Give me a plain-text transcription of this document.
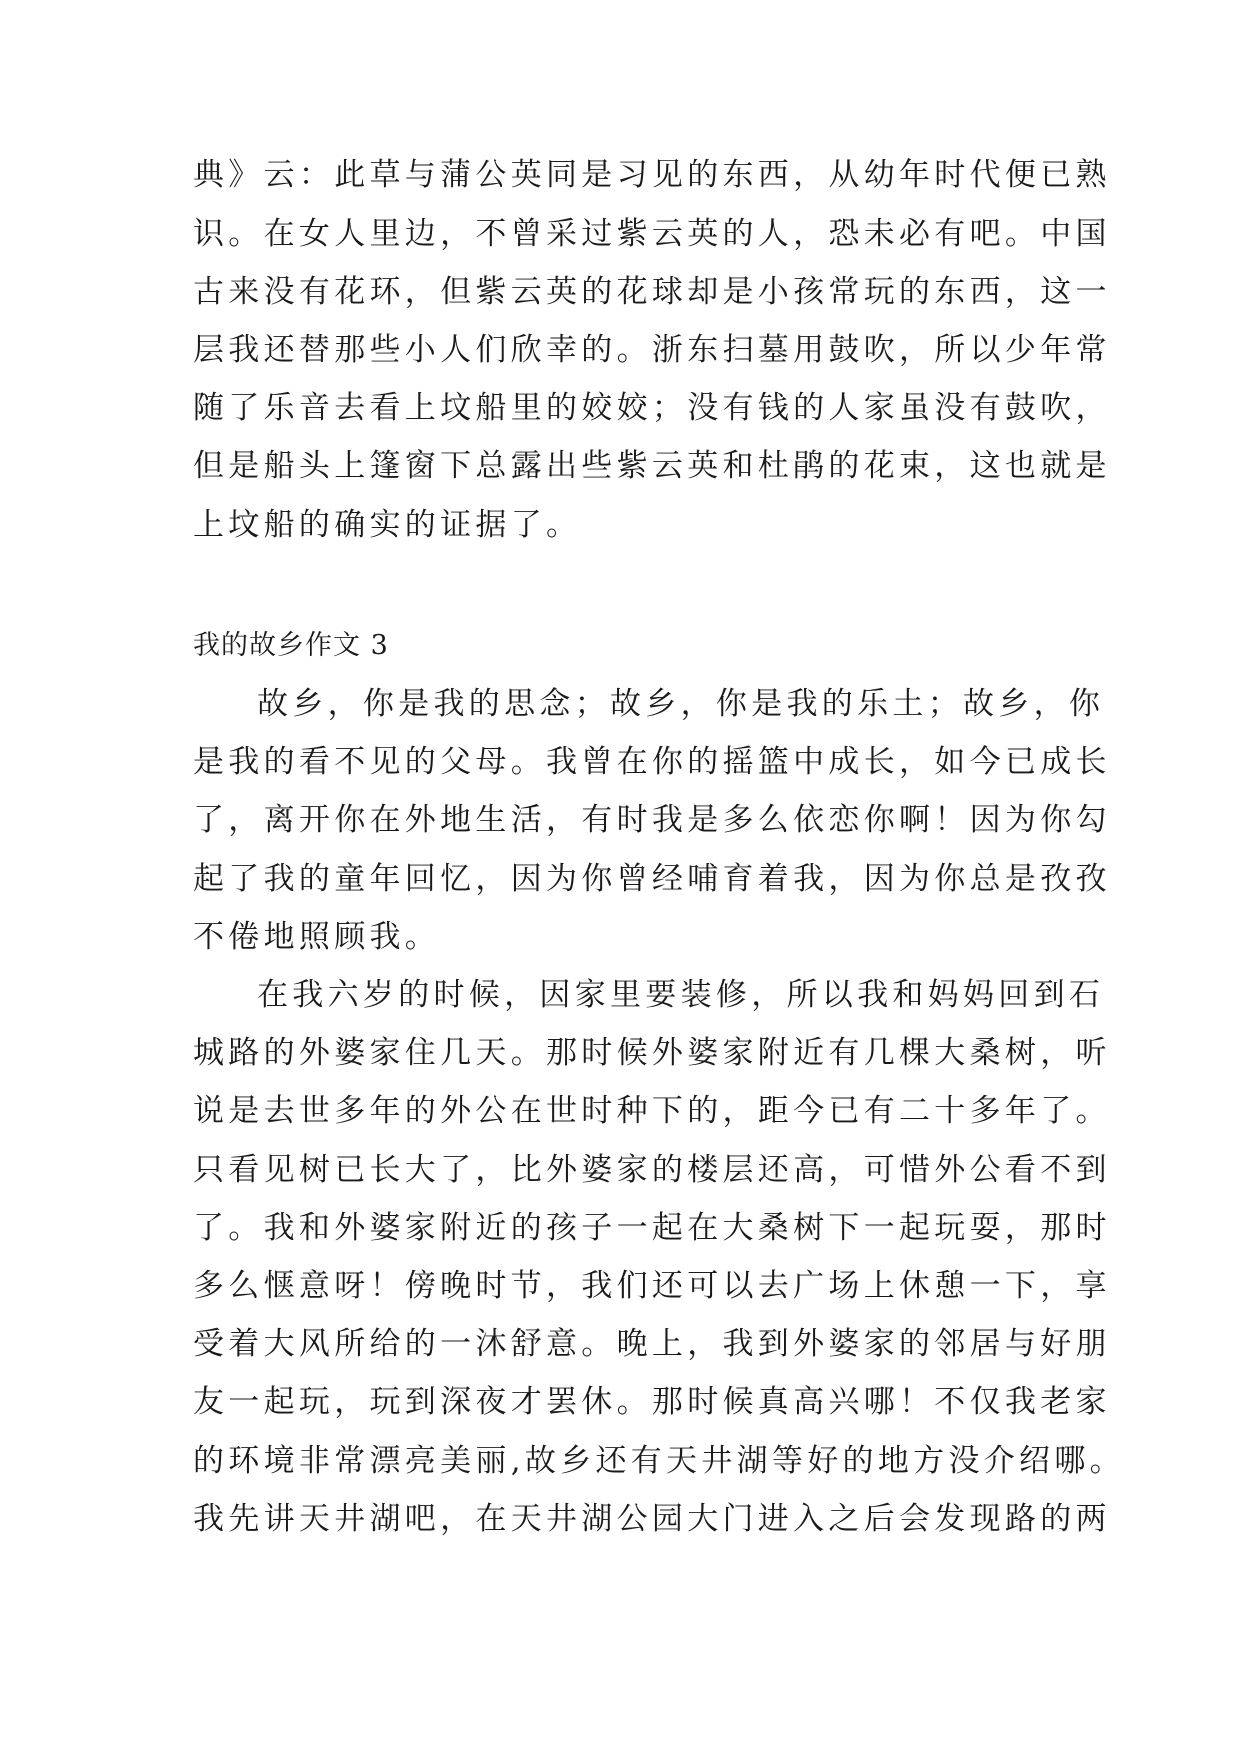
典》云：此草与蒲公英同是习见的东西，从幼年时代便已熟
识。在女人里边，不曾采过紫云英的人，恐未必有吧。中国
古来没有花环，但紫云英的花球却是小孩常玩的东西，这一
层我还替那些小人们欣幸的。浙东扫墓用鼓吹，所以少年常
随了乐音去看上坟船里的姣姣；没有钱的人家虽没有鼓吹，
但是船头上篷窗下总露出些紫云英和杜鹃的花束，这也就是
上坟船的确实的证据了。
我的故乡作文 3
故乡，你是我的思念；故乡，你是我的乐土；故乡，你
是我的看不见的父母。我曾在你的摇篮中成长，如今已成长
了，离开你在外地生活，有时我是多么依恋你啊！因为你勾
起了我的童年回忆，因为你曾经哺育着我，因为你总是孜孜
不倦地照顾我。
在我六岁的时候，因家里要装修，所以我和妈妈回到石
城路的外婆家住几天。那时候外婆家附近有几棵大桑树，听
说是去世多年的外公在世时种下的，距今已有二十多年了。
只看见树已长大了，比外婆家的楼层还高，可惜外公看不到
了。我和外婆家附近的孩子一起在大桑树下一起玩耍，那时
多么惬意呀！傍晚时节，我们还可以去广场上休憩一下，享
受着大风所给的一沐舒意。晚上，我到外婆家的邻居与好朋
友一起玩，玩到深夜才罢休。那时候真高兴哪！不仅我老家
的环境非常漂亮美丽,故乡还有天井湖等好的地方没介绍哪。
我先讲天井湖吧，在天井湖公园大门进入之后会发现路的两
